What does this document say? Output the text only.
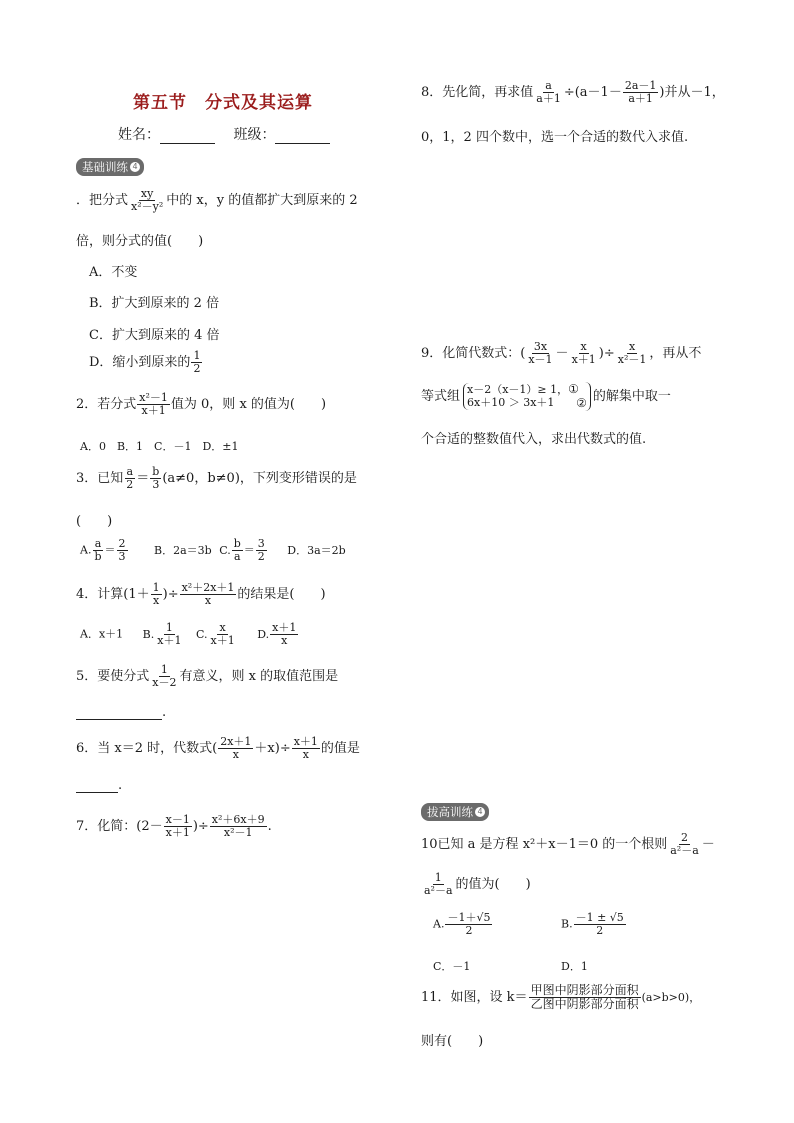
第五节　分式及其运算
姓名：	班级：
基础训练 4
．把分式 $\frac{xy}{\text{x²－y²}}$ 中的 x，y 的值都扩大到原来的 2
倍，则分式的值(　　)
A．不变
B．扩大到原来的 2 倍
C．扩大到原来的 4 倍
D．缩小到原来的 $\frac{1}{2}$
2．若分式 $\frac{\text{x²－1}}{x+1}$ 值为 0，则 x 的值为(　　)
A．0　B．1　C．－1　D．±1
3．已知 $\frac{a}{2} = \frac{b}{3} (a\ne 0$，b≠0)，下列变形错误的是
(　　)
A. $\frac{a}{b} = \frac{2}{3}$ B．2a＝3b C. $\frac{b}{a} = \frac{3}{2}$ D．3a＝2b
4．计算($1+ \frac{1}{x}$ )÷ $\frac{\text{x²＋2x＋1}}{x}$ 的结果是(　　)
A．x＋1 B. $\frac{1}{x+1} C$. $\frac{x}{x+1} D$. $\frac{x+1}{x}$
5．要使分式 $\frac{1}{x-2}$ 有意义，则 x 的取值范围是
.
6．当 x＝2 时，代数式( $\frac{2x+1}{x} +x)\div \frac{x+1}{x}$ 的值是
.
7．化简：($2- \frac{x-1}{x+1}$ )÷ $\frac{\text{x²＋6x＋9}}{\text{x²－1}}$ .
8．先化简，再求值 $\frac{a}{a+1} \div(a-1- \frac{2a-1}{a+1}$ )并从－1，
0，1，2 四个数中，选一个合适的数代入求值.
9．化简代数式：( $\frac{3x}{x-1} - \frac{x}{x+1}$ )÷ $\frac{x}{\text{x²－1}}$ ，再从不
等式组 x－2（x－1）≥ 1，
6x＋10 ＞ 3x＋1
①
② 的解集中取一
个合适的整数值代入，求出代数式的值.
拔高训练 4
10已知 a 是方程 x²＋x－1＝0 的一个根则 $\frac{2}{\text{a²－a}}$ －
$\frac{1}{\text{a²－a}}$ 的值为(　　)
A. $\frac{-1+√5}{2}$	B. $\frac{-1 \pm √5}{2}$
C．－1	D．1
11．如图，设 $k= \frac{\text{甲图中阴影部分面积}}{\text{乙图中阴影部分面积}} (a>b>0)$，
则有(　　)
